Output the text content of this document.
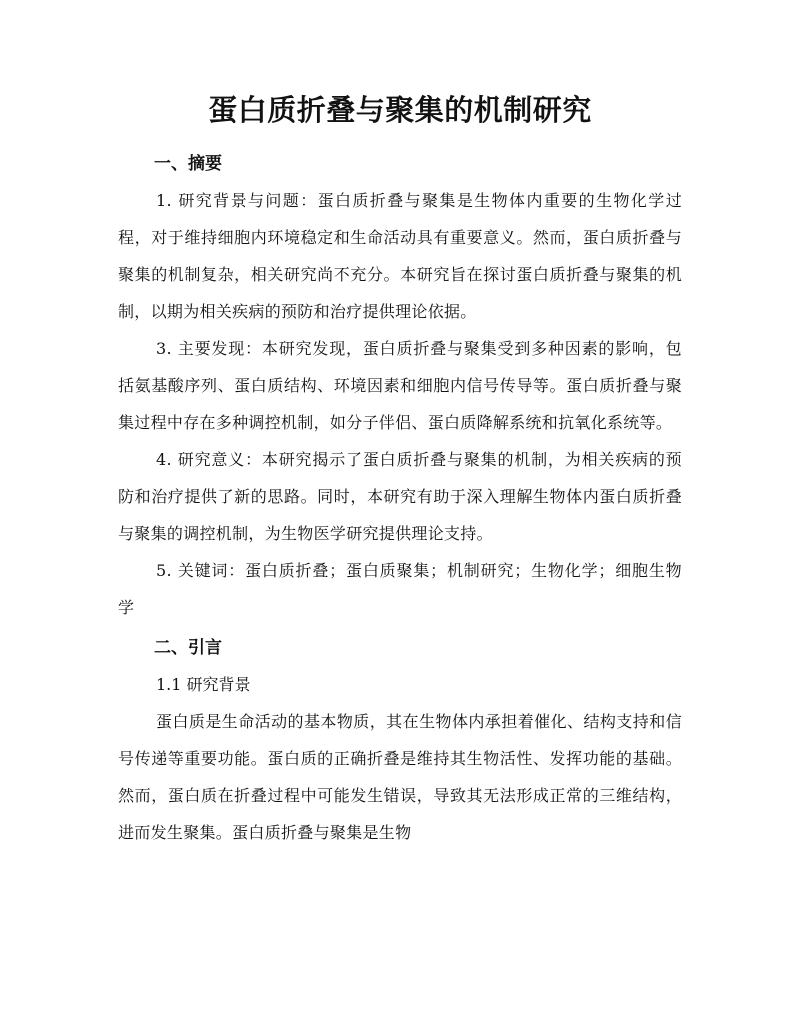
蛋白质折叠与聚集的机制研究
一、摘要

1. 研究背景与问题：蛋白质折叠与聚集是生物体内重要的生物化学过程，对于维持细胞内环境稳定和生命活动具有重要意义。然而，蛋白质折叠与聚集的机制复杂，相关研究尚不充分。本研究旨在探讨蛋白质折叠与聚集的机制，以期为相关疾病的预防和治疗提供理论依据。

3. 主要发现：本研究发现，蛋白质折叠与聚集受到多种因素的影响，包括氨基酸序列、蛋白质结构、环境因素和细胞内信号传导等。蛋白质折叠与聚集过程中存在多种调控机制，如分子伴侣、蛋白质降解系统和抗氧化系统等。

4. 研究意义：本研究揭示了蛋白质折叠与聚集的机制，为相关疾病的预防和治疗提供了新的思路。同时，本研究有助于深入理解生物体内蛋白质折叠与聚集的调控机制，为生物医学研究提供理论支持。

5. 关键词：蛋白质折叠；蛋白质聚集；机制研究；生物化学；细胞生物学

二、引言

1.1 研究背景

蛋白质是生命活动的基本物质，其在生物体内承担着催化、结构支持和信号传递等重要功能。蛋白质的正确折叠是维持其生物活性、发挥功能的基础。然而，蛋白质在折叠过程中可能发生错误，导致其无法形成正常的三维结构，进而发生聚集。蛋白质折叠与聚集是生物
